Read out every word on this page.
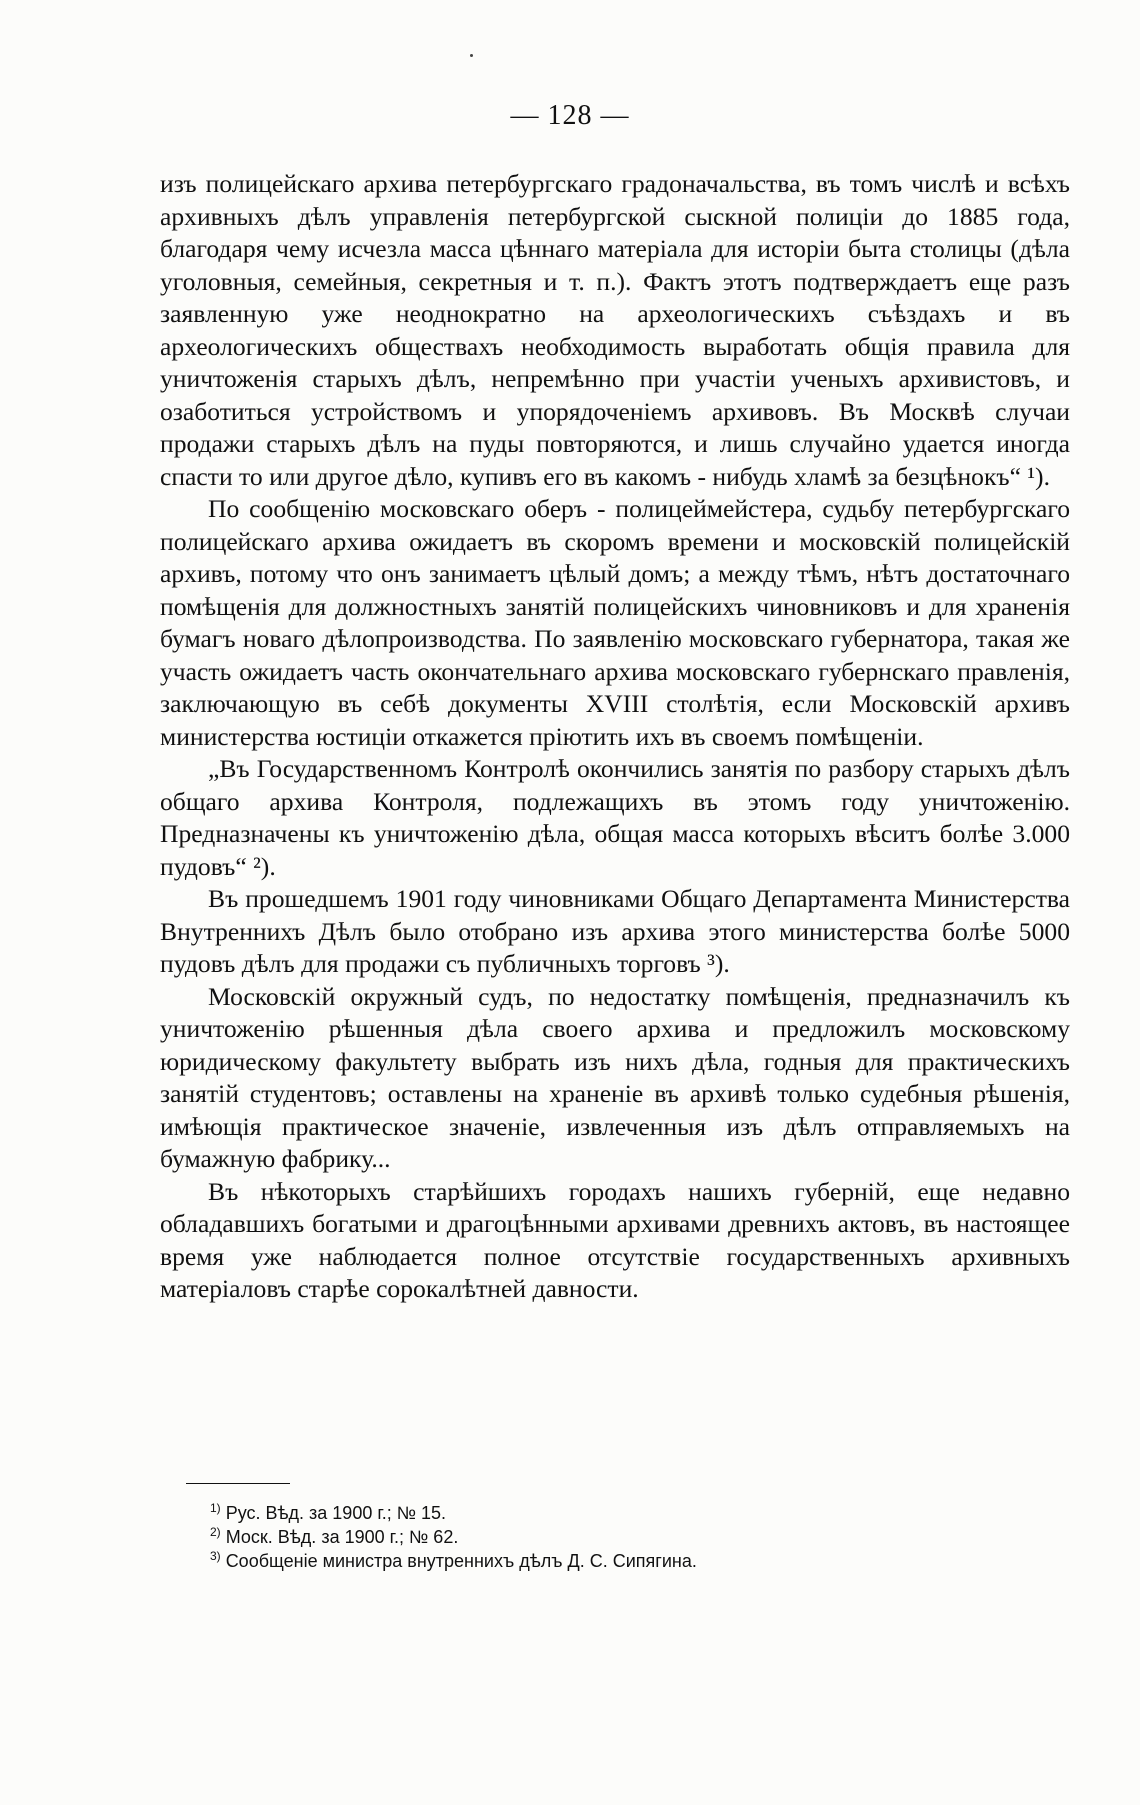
— 128 —

изъ полицейскаго архива петербургскаго градоначальства, въ томъ числѣ и всѣхъ архивныхъ дѣлъ управленія петербургской сыскной полиціи до 1885 года, благодаря чему исчезла масса цѣннаго матеріала для исторіи быта столицы (дѣла уголовныя, семейныя, секретныя и т. п.). Фактъ этотъ подтверждаетъ еще разъ заявленную уже неоднократно на археологическихъ съѣздахъ и въ археологическихъ обществахъ необходимость выработать общія правила для уничтоженія старыхъ дѣлъ, непремѣнно при участіи ученыхъ архивистовъ, и озаботиться устройствомъ и упорядоченіемъ архивовъ. Въ Москвѣ случаи продажи старыхъ дѣлъ на пуды повторяются, и лишь случайно удается иногда спасти то или другое дѣло, купивъ его въ какомъ - нибудь хламѣ за безцѣнокъ“ ¹).

По сообщенію московскаго оберъ - полицеймейстера, судьбу петербургскаго полицейскаго архива ожидаетъ въ скоромъ времени и московскій полицейскій архивъ, потому что онъ занимаетъ цѣлый домъ; а между тѣмъ, нѣтъ достаточнаго помѣщенія для должностныхъ занятій полицейскихъ чиновниковъ и для храненія бумагъ новаго дѣлопроизводства. По заявленію московскаго губернатора, такая же участь ожидаетъ часть окончательнаго архива московскаго губернскаго правленія, заключающую въ себѣ документы XVIII столѣтія, если Московскій архивъ министерства юстиціи откажется пріютить ихъ въ своемъ помѣщеніи.

„Въ Государственномъ Контролѣ окончились занятія по разбору старыхъ дѣлъ общаго архива Контроля, подлежащихъ въ этомъ году уничтоженію. Предназначены къ уничтоженію дѣла, общая масса которыхъ вѣситъ болѣе 3.000 пудовъ“ ²).

Въ прошедшемъ 1901 году чиновниками Общаго Департамента Министерства Внутреннихъ Дѣлъ было отобрано изъ архива этого министерства болѣе 5000 пудовъ дѣлъ для продажи съ публичныхъ торговъ ³).

Московскій окружный судъ, по недостатку помѣщенія, предназначилъ къ уничтоженію рѣшенныя дѣла своего архива и предложилъ московскому юридическому факультету выбрать изъ нихъ дѣла, годныя для практическихъ занятій студентовъ; оставлены на храненіе въ архивѣ только судебныя рѣшенія, имѣющія практическое значеніе, извлеченныя изъ дѣлъ отправляемыхъ на бумажную фабрику...

Въ нѣкоторыхъ старѣйшихъ городахъ нашихъ губерній, еще недавно обладавшихъ богатыми и драгоцѣнными архивами древнихъ актовъ, въ настоящее время уже наблюдается полное отсутствіе государственныхъ архивныхъ матеріаловъ старѣе сорокалѣтней давности.

$^{1)}$ Рус. Вѣд. за 1900 г.; № 15.

$^{2)}$ Моск. Вѣд. за 1900 г.; № 62.

$^{3)}$ Сообщеніе министра внутреннихъ дѣлъ Д. С. Сипягина.
